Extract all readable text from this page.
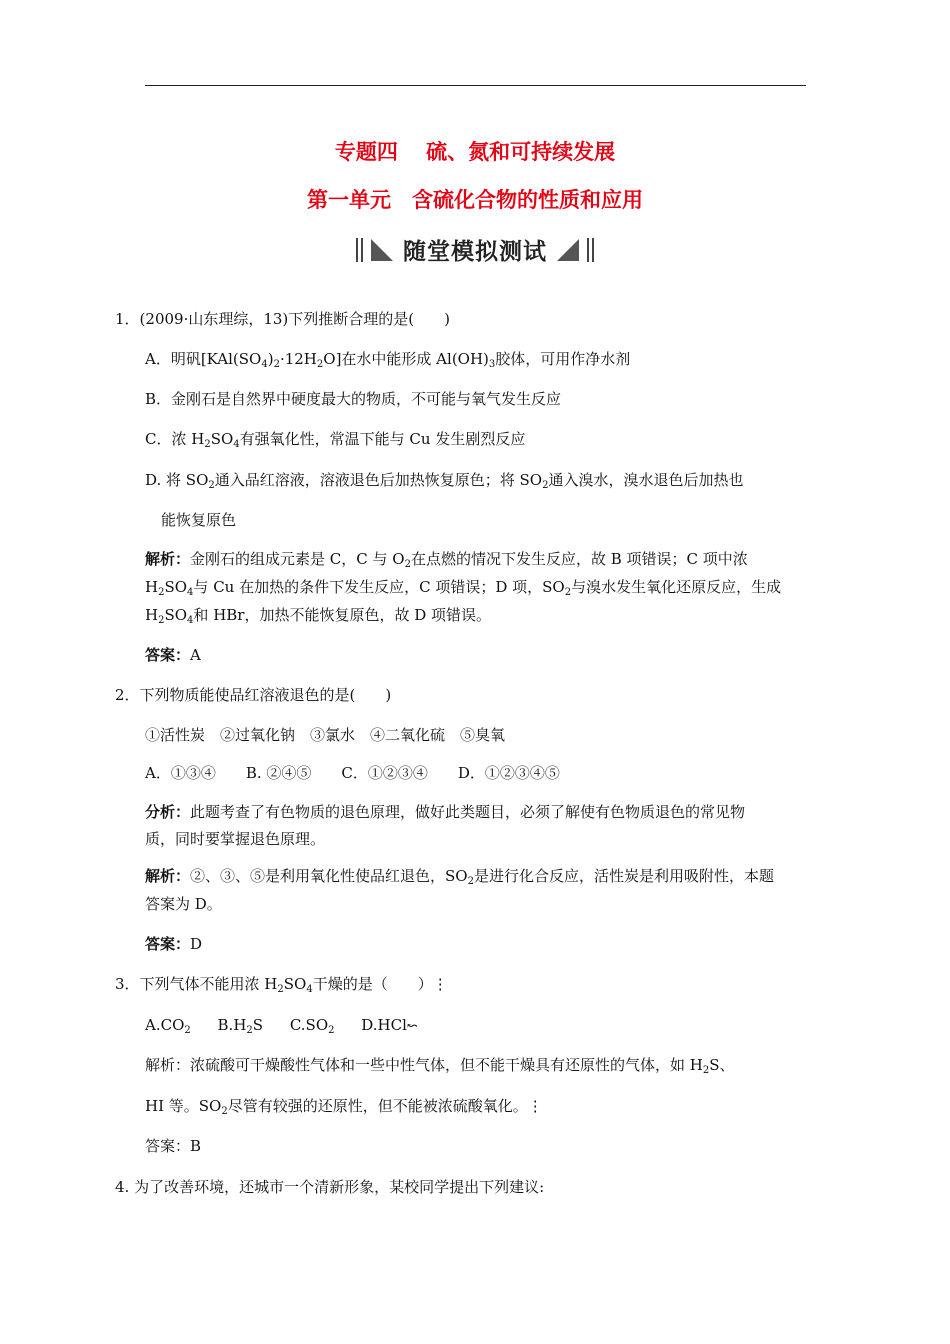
专题四　 硫、氮和可持续发展
第一单元　含硫化合物的性质和应用
随堂模拟测试
1．(2009·山东理综，13)下列推断合理的是(　　)
A．明矾$[KAl(SO_4)_2\cdot 12H_2O]$在水中能形成 $Al(OH)_3$胶体，可用作净水剂
B．金刚石是自然界中硬度最大的物质，不可能与氧气发生反应
C．浓 $H_2SO_4$有强氧化性，常温下能与 Cu 发生剧烈反应
D. 将 $SO_2$通入品红溶液，溶液退色后加热恢复原色；将 $SO_2$通入溴水，溴水退色后加热也
能恢复原色
解析：金刚石的组成元素是 C，C 与 $O_2$在点燃的情况下发生反应，故 B 项错误；C 项中浓
$H_2SO_4$与 Cu 在加热的条件下发生反应，C 项错误；D 项，$SO_2$与溴水发生氧化还原反应，生成
$H_2SO_4$和 HBr，加热不能恢复原色，故 D 项错误。
答案：A
2．下列物质能使品红溶液退色的是(　　)
①活性炭　②过氧化钠　③氯水　④二氧化硫　⑤臭氧
A．①③④　　B. ②④⑤　　C．①②③④　　D．①②③④⑤
分析：此题考查了有色物质的退色原理，做好此类题目，必须了解使有色物质退色的常见物
质，同时要掌握退色原理。
解析：②、③、⑤是利用氧化性使品红退色，$SO_2$是进行化合反应，活性炭是利用吸附性，本题
答案为 D。
答案：D
3．下列气体不能用浓 $H_2SO_4$干燥的是（　　）⋮
$A.CO_2$ $B.H_2S$ $C.SO_2$ D.HCl↜
解析：浓硫酸可干燥酸性气体和一些中性气体，但不能干燥具有还原性的气体，如 $H_2S$、
HI 等。$SO_2$尽管有较强的还原性，但不能被浓硫酸氧化。⋮
答案：B
4. 为了改善环境，还城市一个清新形象，某校同学提出下列建议:
